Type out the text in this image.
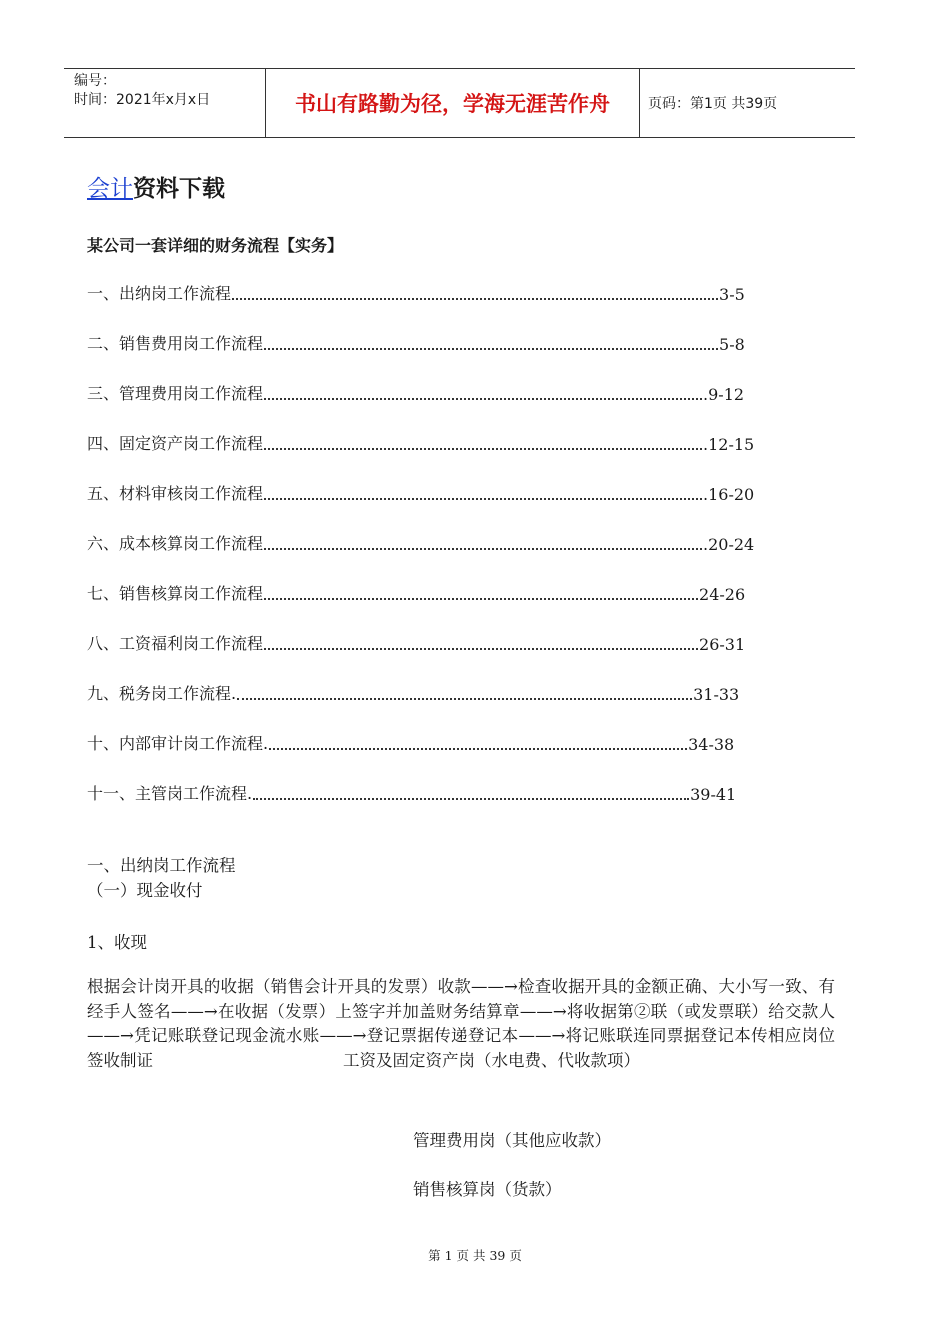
编号：
时间：2021年x月x日	书山有路勤为径，学海无涯苦作舟	页码：第1页 共39页
会计资料下载
某公司一套详细的财务流程【实务】
一、出纳岗工作流程	3-5
二、销售费用岗工作流程	5-8
三、管理费用岗工作流程	.9-12
四、固定资产岗工作流程	.12-15
五、材料审核岗工作流程	.16-20
六、成本核算岗工作流程	.20-24
七、销售核算岗工作流程	24-26
八、工资福利岗工作流程	26-31
九、税务岗工作流程.	31-33
十、内部审计岗工作流程.	34-38
十一、主管岗工作流程.	39-41
一、出纳岗工作流程
（一）现金收付
1、收现
根据会计岗开具的收据（销售会计开具的发票）收款——→检查收据开具的金额正确、大小写一致、有经手人签名——→在收据（发票）上签字并加盖财务结算章——→将收据第②联（或发票联）给交款人——→凭记账联登记现金流水账——→登记票据传递登记本——→将记账联连同票据登记本传相应岗位签收制证	工资及固定资产岗（水电费、代收款项）
管理费用岗（其他应收款）
销售核算岗（货款）
第 1 页 共 39 页
